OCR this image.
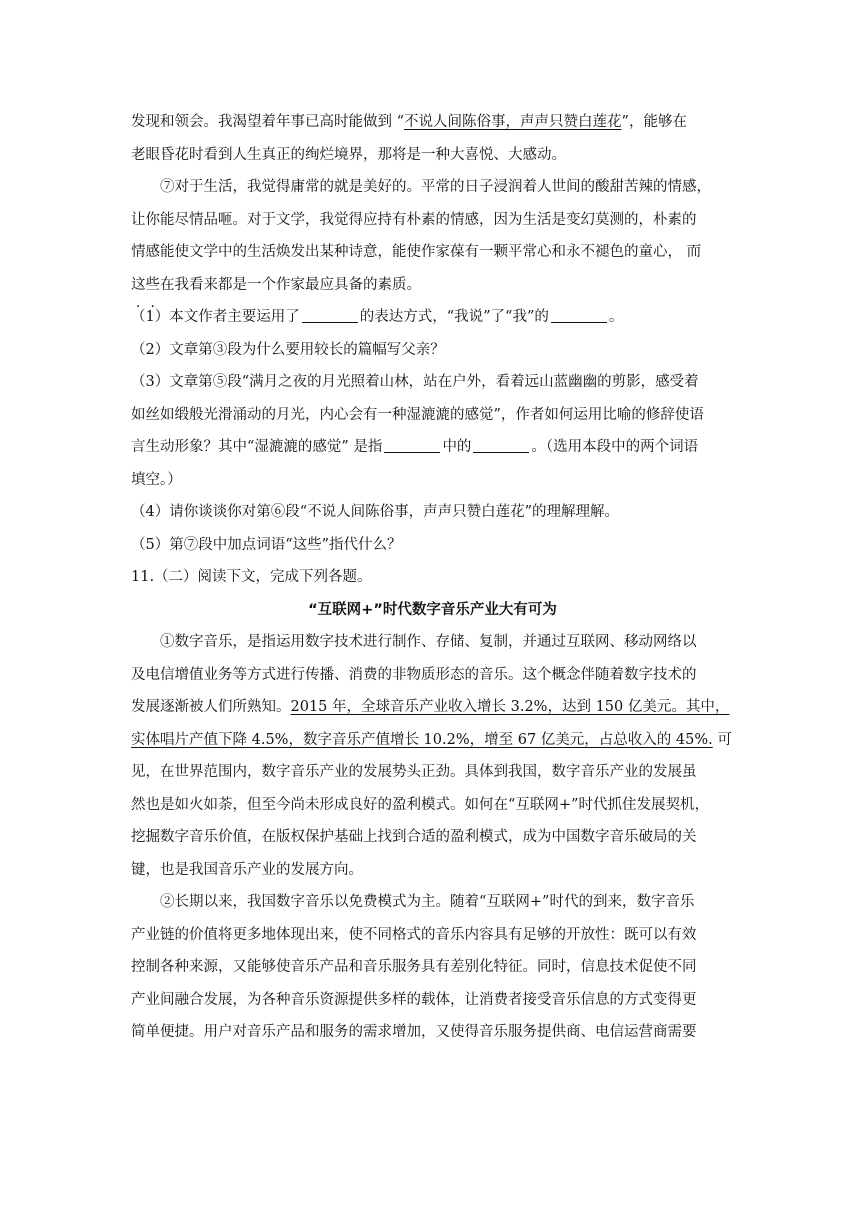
发现和领会。我渴望着年事已高时能做到 “不说人间陈俗事，声声只赞白莲花”，能够在
老眼昏花时看到人生真正的绚烂境界，那将是一种大喜悦、大感动。
⑦对于生活，我觉得庸常的就是美好的。平常的日子浸润着人世间的酸甜苦辣的情感，
让你能尽情品咂。对于文学，我觉得应持有朴素的情感，因为生活是变幻莫测的，朴素的
情感能使文学中的生活焕发出某种诗意，能使作家葆有一颗平常心和永不褪色的童心， 而
这些在我看来都是一个作家最应具备的素质。
（1）本文作者主要运用了	的表达方式，“我说”了“我”的	。
（2）文章第③段为什么要用较长的篇幅写父亲？
（3）文章第⑤段“满月之夜的月光照着山林，站在户外，看着远山蓝幽幽的剪影，感受着
如丝如缎般光滑涌动的月光，内心会有一种湿漉漉的感觉”，作者如何运用比喻的修辞使语
言生动形象？其中“湿漉漉的感觉” 是指	中的	。（选用本段中的两个词语
填空。）
（4）请你谈谈你对第⑥段“不说人间陈俗事，声声只赞白莲花”的理解理解。
（5）第⑦段中加点词语“这些”指代什么？
11.（二）阅读下文，完成下列各题。
“互联网+”时代数字音乐产业大有可为
①数字音乐，是指运用数字技术进行制作、存储、复制，并通过互联网、移动网络以
及电信增值业务等方式进行传播、消费的非物质形态的音乐。这个概念伴随着数字技术的
发展逐渐被人们所熟知。2015 年，全球音乐产业收入增长 3.2%，达到 150 亿美元。其中，
实体唱片产值下降 4.5%，数字音乐产值增长 10.2%，增至 67 亿美元，占总收入的 45%. 可
见，在世界范围内，数字音乐产业的发展势头正劲。具体到我国，数字音乐产业的发展虽
然也是如火如荼，但至今尚未形成良好的盈利模式。如何在“互联网+”时代抓住发展契机，
挖掘数字音乐价值，在版权保护基础上找到合适的盈利模式，成为中国数字音乐破局的关
键，也是我国音乐产业的发展方向。
②长期以来，我国数字音乐以免费模式为主。随着“互联网+”时代的到来，数字音乐
产业链的价值将更多地体现出来，使不同格式的音乐内容具有足够的开放性：既可以有效
控制各种来源，又能够使音乐产品和音乐服务具有差别化特征。同时，信息技术促使不同
产业间融合发展，为各种音乐资源提供多样的载体，让消费者接受音乐信息的方式变得更
简单便捷。用户对音乐产品和服务的需求增加，又使得音乐服务提供商、电信运营商需要
